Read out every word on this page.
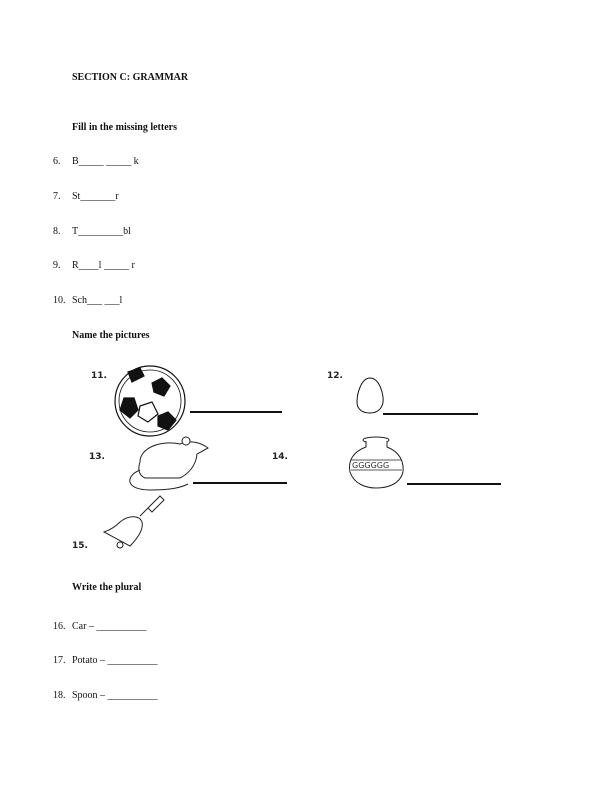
SECTION C: GRAMMAR
Fill in the missing letters
6. B_____ _____ k
7. St_______r
8. T_________bl
9. R____l _____ r
10. Sch___ ___l
Name the pictures
11.	12.
13.	14.
15.
GGGGGG
Write the plural
16. Car – __________
17. Potato – __________
18. Spoon – __________
